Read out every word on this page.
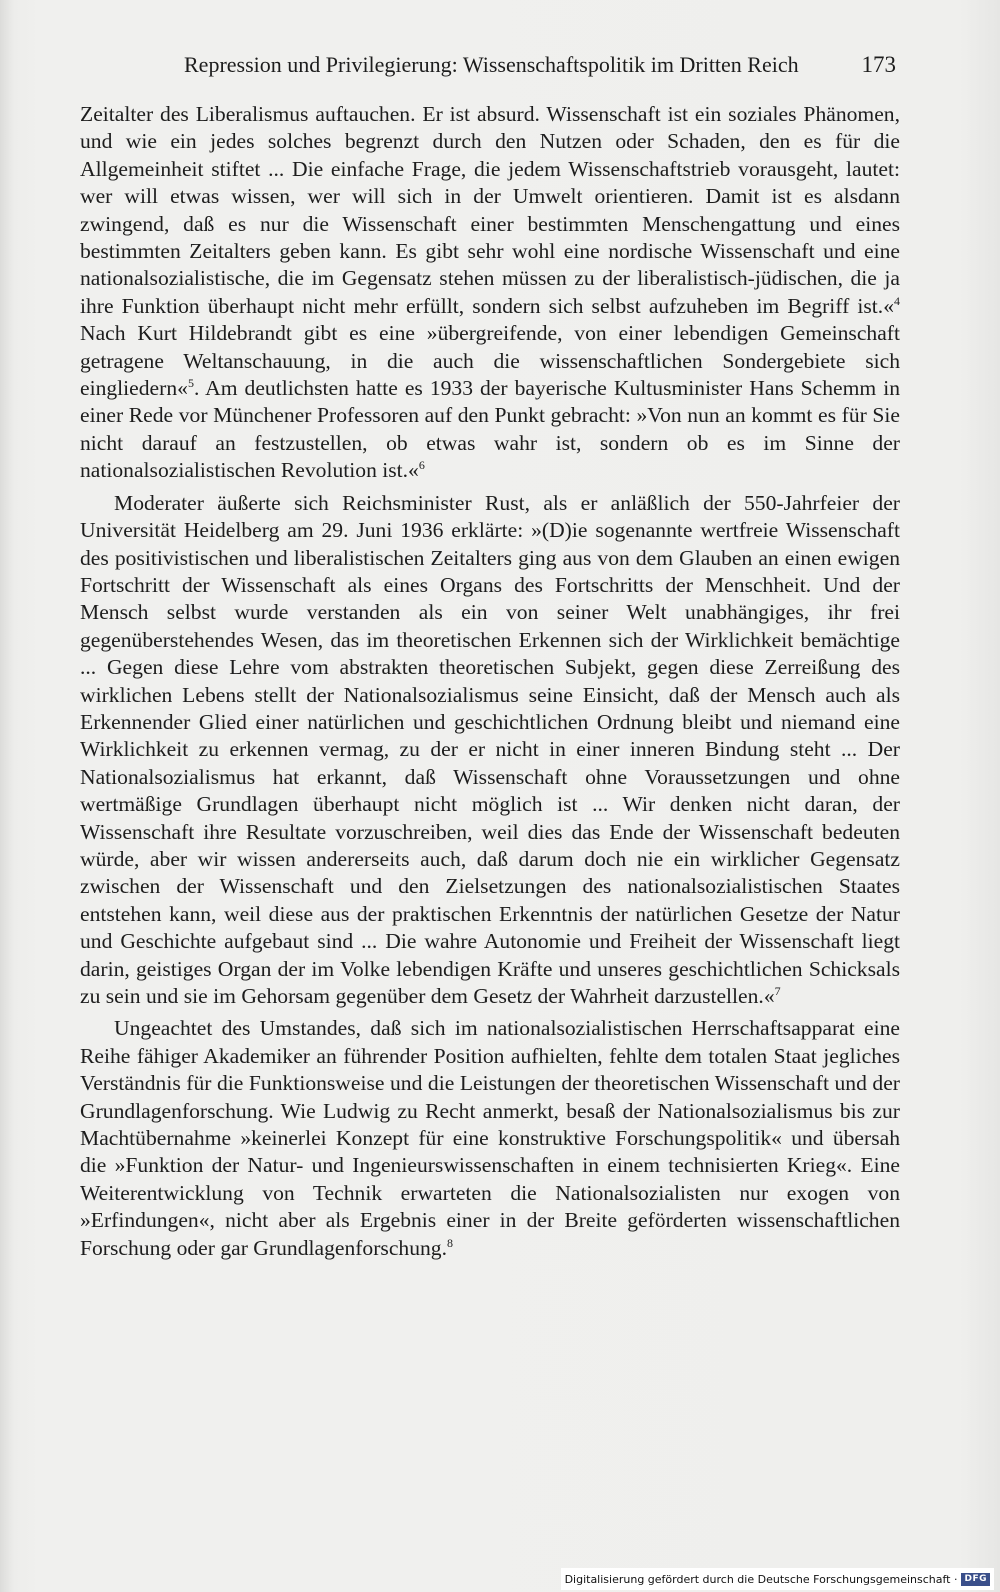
Repression und Privilegierung: Wissenschaftspolitik im Dritten Reich	173

Zeitalter des Liberalismus auftauchen. Er ist absurd. Wissenschaft ist ein soziales Phänomen, und wie ein jedes solches begrenzt durch den Nutzen oder Schaden, den es für die Allgemeinheit stiftet ... Die einfache Frage, die jedem Wissenschaftstrieb vorausgeht, lautet: wer will etwas wissen, wer will sich in der Umwelt orientieren. Damit ist es alsdann zwingend, daß es nur die Wissenschaft einer bestimmten Menschengattung und eines bestimmten Zeitalters geben kann. Es gibt sehr wohl eine nordische Wissenschaft und eine nationalsozialistische, die im Gegensatz stehen müssen zu der liberalistisch-jüdischen, die ja ihre Funktion überhaupt nicht mehr erfüllt, sondern sich selbst aufzuheben im Begriff ist.«$^4$ Nach Kurt Hildebrandt gibt es eine »übergreifende, von einer lebendigen Gemeinschaft getragene Weltanschauung, in die auch die wissenschaftlichen Sondergebiete sich eingliedern«$^5$. Am deutlichsten hatte es 1933 der bayerische Kultusminister Hans Schemm in einer Rede vor Münchener Professoren auf den Punkt gebracht: »Von nun an kommt es für Sie nicht darauf an festzustellen, ob etwas wahr ist, sondern ob es im Sinne der nationalsozialistischen Revolution ist.«$^6$

Moderater äußerte sich Reichsminister Rust, als er anläßlich der 550-Jahrfeier der Universität Heidelberg am 29. Juni 1936 erklärte: »(D)ie sogenannte wertfreie Wissenschaft des positivistischen und liberalistischen Zeitalters ging aus von dem Glauben an einen ewigen Fortschritt der Wissenschaft als eines Organs des Fortschritts der Menschheit. Und der Mensch selbst wurde verstanden als ein von seiner Welt unabhängiges, ihr frei gegenüberstehendes Wesen, das im theoretischen Erkennen sich der Wirklichkeit bemächtige ... Gegen diese Lehre vom abstrakten theoretischen Subjekt, gegen diese Zerreißung des wirklichen Lebens stellt der Nationalsozialismus seine Einsicht, daß der Mensch auch als Erkennender Glied einer natürlichen und geschichtlichen Ordnung bleibt und niemand eine Wirklichkeit zu erkennen vermag, zu der er nicht in einer inneren Bindung steht ... Der Nationalsozialismus hat erkannt, daß Wissenschaft ohne Voraussetzungen und ohne wertmäßige Grundlagen überhaupt nicht möglich ist ... Wir denken nicht daran, der Wissenschaft ihre Resultate vorzuschreiben, weil dies das Ende der Wissenschaft bedeuten würde, aber wir wissen andererseits auch, daß darum doch nie ein wirklicher Gegensatz zwischen der Wissenschaft und den Zielsetzungen des nationalsozialistischen Staates entstehen kann, weil diese aus der praktischen Erkenntnis der natürlichen Gesetze der Natur und Geschichte aufgebaut sind ... Die wahre Autonomie und Freiheit der Wissenschaft liegt darin, geistiges Organ der im Volke lebendigen Kräfte und unseres geschichtlichen Schicksals zu sein und sie im Gehorsam gegenüber dem Gesetz der Wahrheit darzustellen.«$^7$

Ungeachtet des Umstandes, daß sich im nationalsozialistischen Herrschaftsapparat eine Reihe fähiger Akademiker an führender Position aufhielten, fehlte dem totalen Staat jegliches Verständnis für die Funktionsweise und die Leistungen der theoretischen Wissenschaft und der Grundlagenforschung. Wie Ludwig zu Recht anmerkt, besaß der Nationalsozialismus bis zur Machtübernahme »keinerlei Konzept für eine konstruktive Forschungspolitik« und übersah die »Funktion der Natur- und Ingenieurswissenschaften in einem technisierten Krieg«. Eine Weiterentwicklung von Technik erwarteten die Nationalsozialisten nur exogen von »Erfindungen«, nicht aber als Ergebnis einer in der Breite geförderten wissenschaftlichen Forschung oder gar Grundlagenforschung.$^8$

Digitalisierung gefördert durch die Deutsche Forschungsgemeinschaft · DFG
